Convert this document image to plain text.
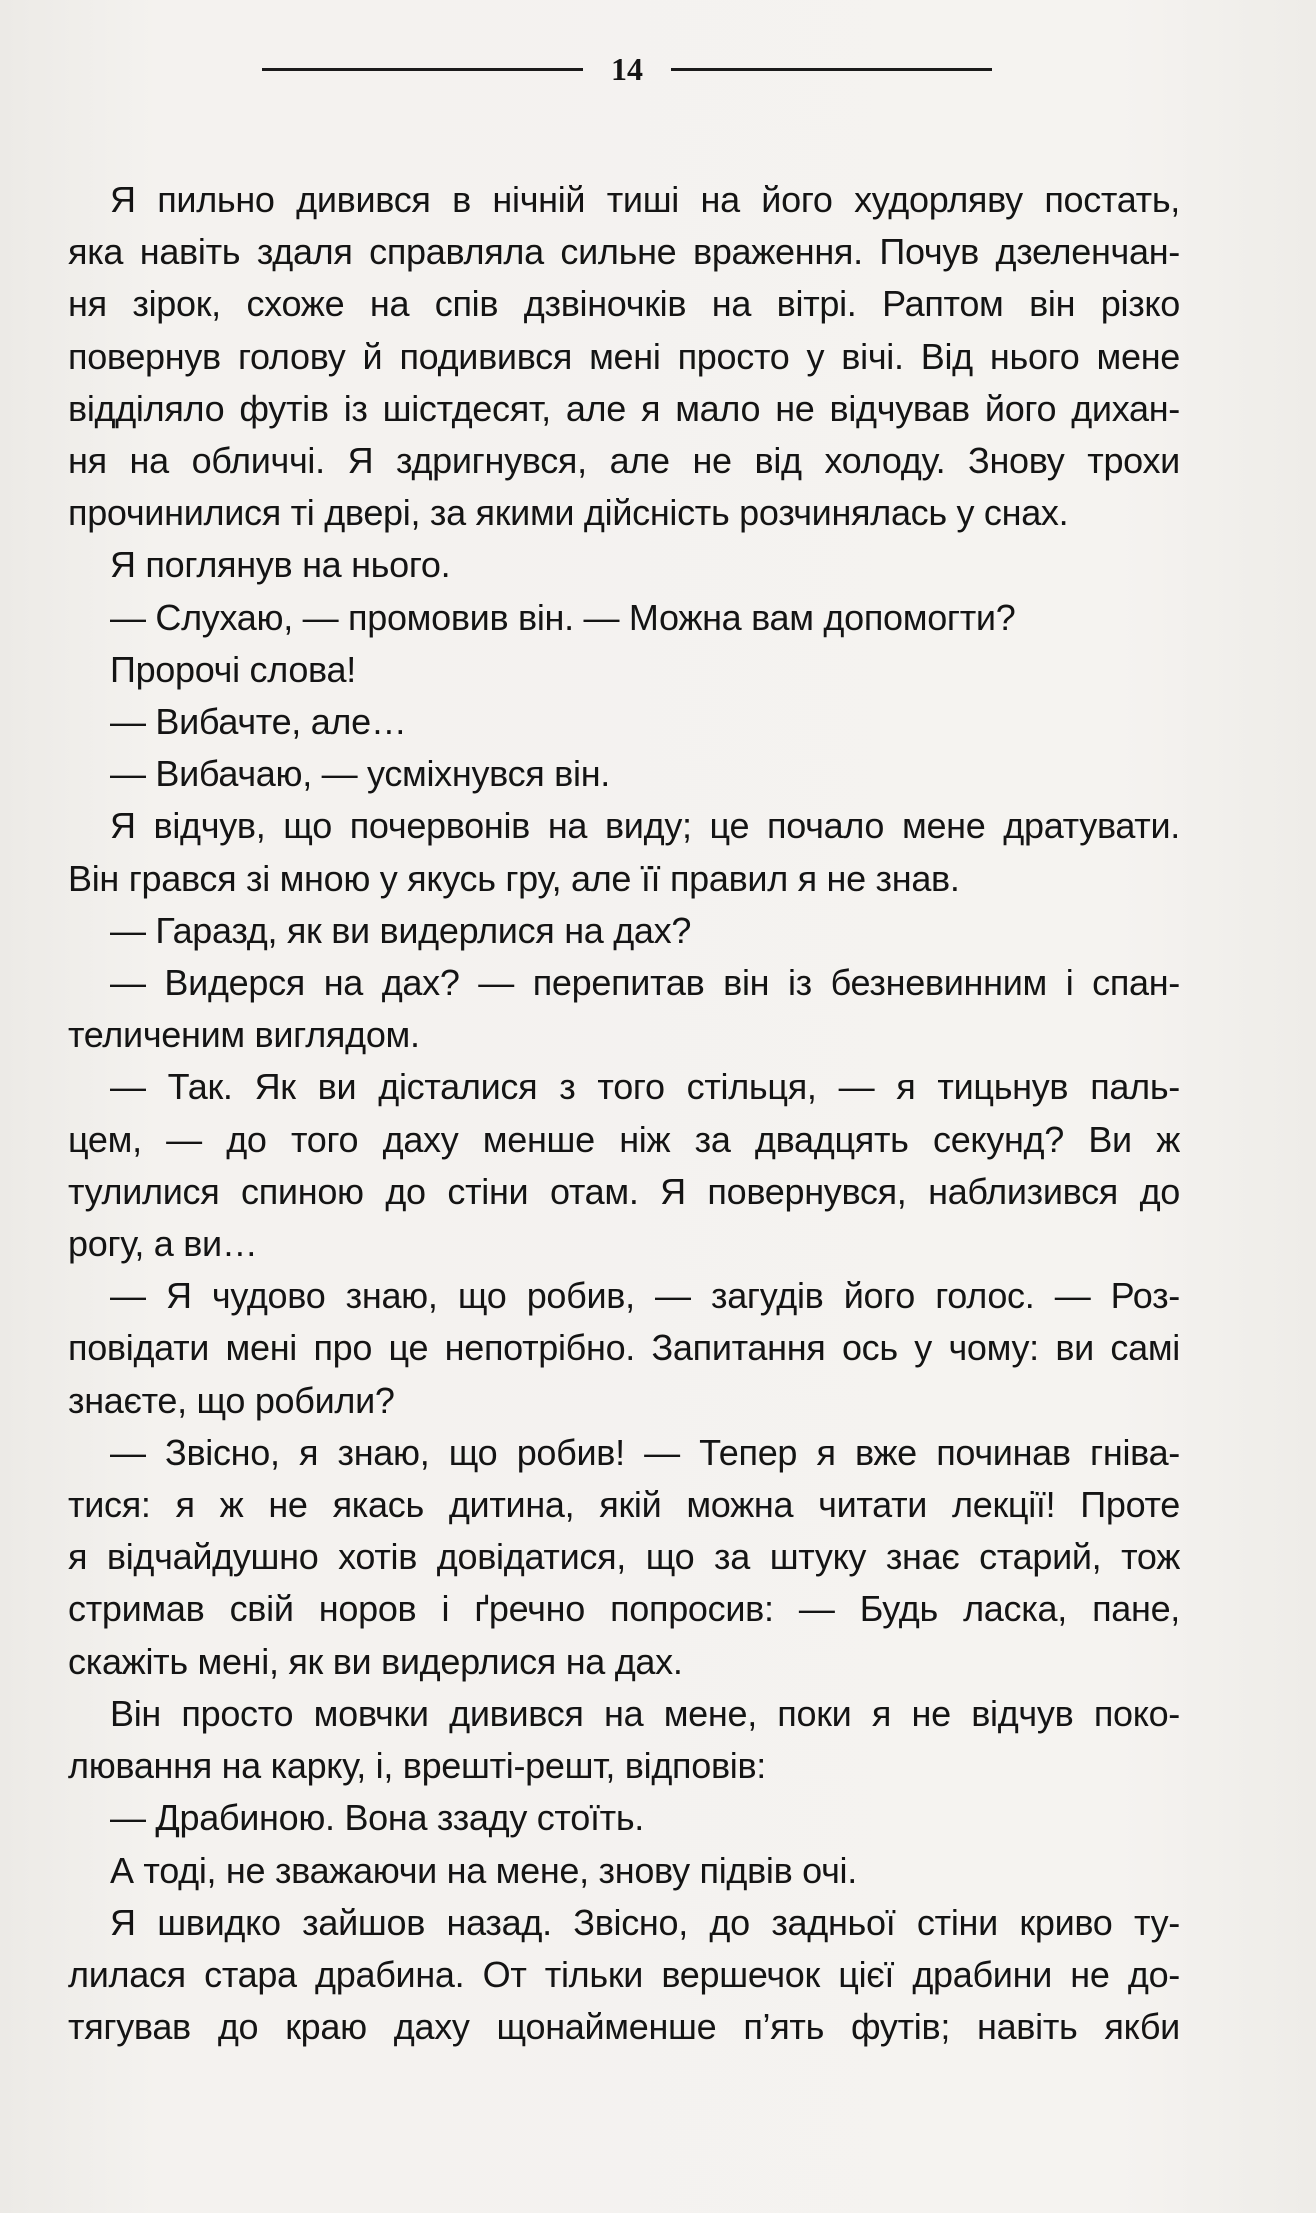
14
Я пильно дивився в нічній тиші на його худорляву постать,
яка навіть здаля справляла сильне враження. Почув дзеленчан-
ня зірок, схоже на спів дзвіночків на вітрі. Раптом він різко
повернув голову й подивився мені просто у вічі. Від нього мене
відділяло футів із шістдесят, але я мало не відчував його дихан-
ня на обличчі. Я здригнувся, але не від холоду. Знову трохи
прочинилися ті двері, за якими дійсність розчинялась у снах.
Я поглянув на нього.
— Слухаю, — промовив він. — Можна вам допомогти?
Пророчі слова!
— Вибачте, але…
— Вибачаю, — усміхнувся він.
Я відчув, що почервонів на виду; це почало мене дратувати.
Він грався зі мною у якусь гру, але її правил я не знав.
— Гаразд, як ви видерлися на дах?
— Видерся на дах? — перепитав він із безневинним і спан-
теличеним виглядом.
— Так. Як ви дісталися з того стільця, — я тицьнув паль-
цем, — до того даху менше ніж за двадцять секунд? Ви ж
тулилися спиною до стіни отам. Я повернувся, наблизився до
рогу, а ви…
— Я чудово знаю, що робив, — загудів його голос. — Роз-
повідати мені про це непотрібно. Запитання ось у чому: ви самі
знаєте, що робили?
— Звісно, я знаю, що робив! — Тепер я вже починав гніва-
тися: я ж не якась дитина, якій можна читати лекції! Проте
я відчайдушно хотів довідатися, що за штуку знає старий, тож
стримав свій норов і ґречно попросив: — Будь ласка, пане,
скажіть мені, як ви видерлися на дах.
Він просто мовчки дивився на мене, поки я не відчув поко-
лювання на карку, і, врешті-решт, відповів:
— Драбиною. Вона ззаду стоїть.
А тоді, не зважаючи на мене, знову підвів очі.
Я швидко зайшов назад. Звісно, до задньої стіни криво ту-
лилася стара драбина. От тільки вершечок цієї драбини не до-
тягував до краю даху щонайменше п’ять футів; навіть якби
